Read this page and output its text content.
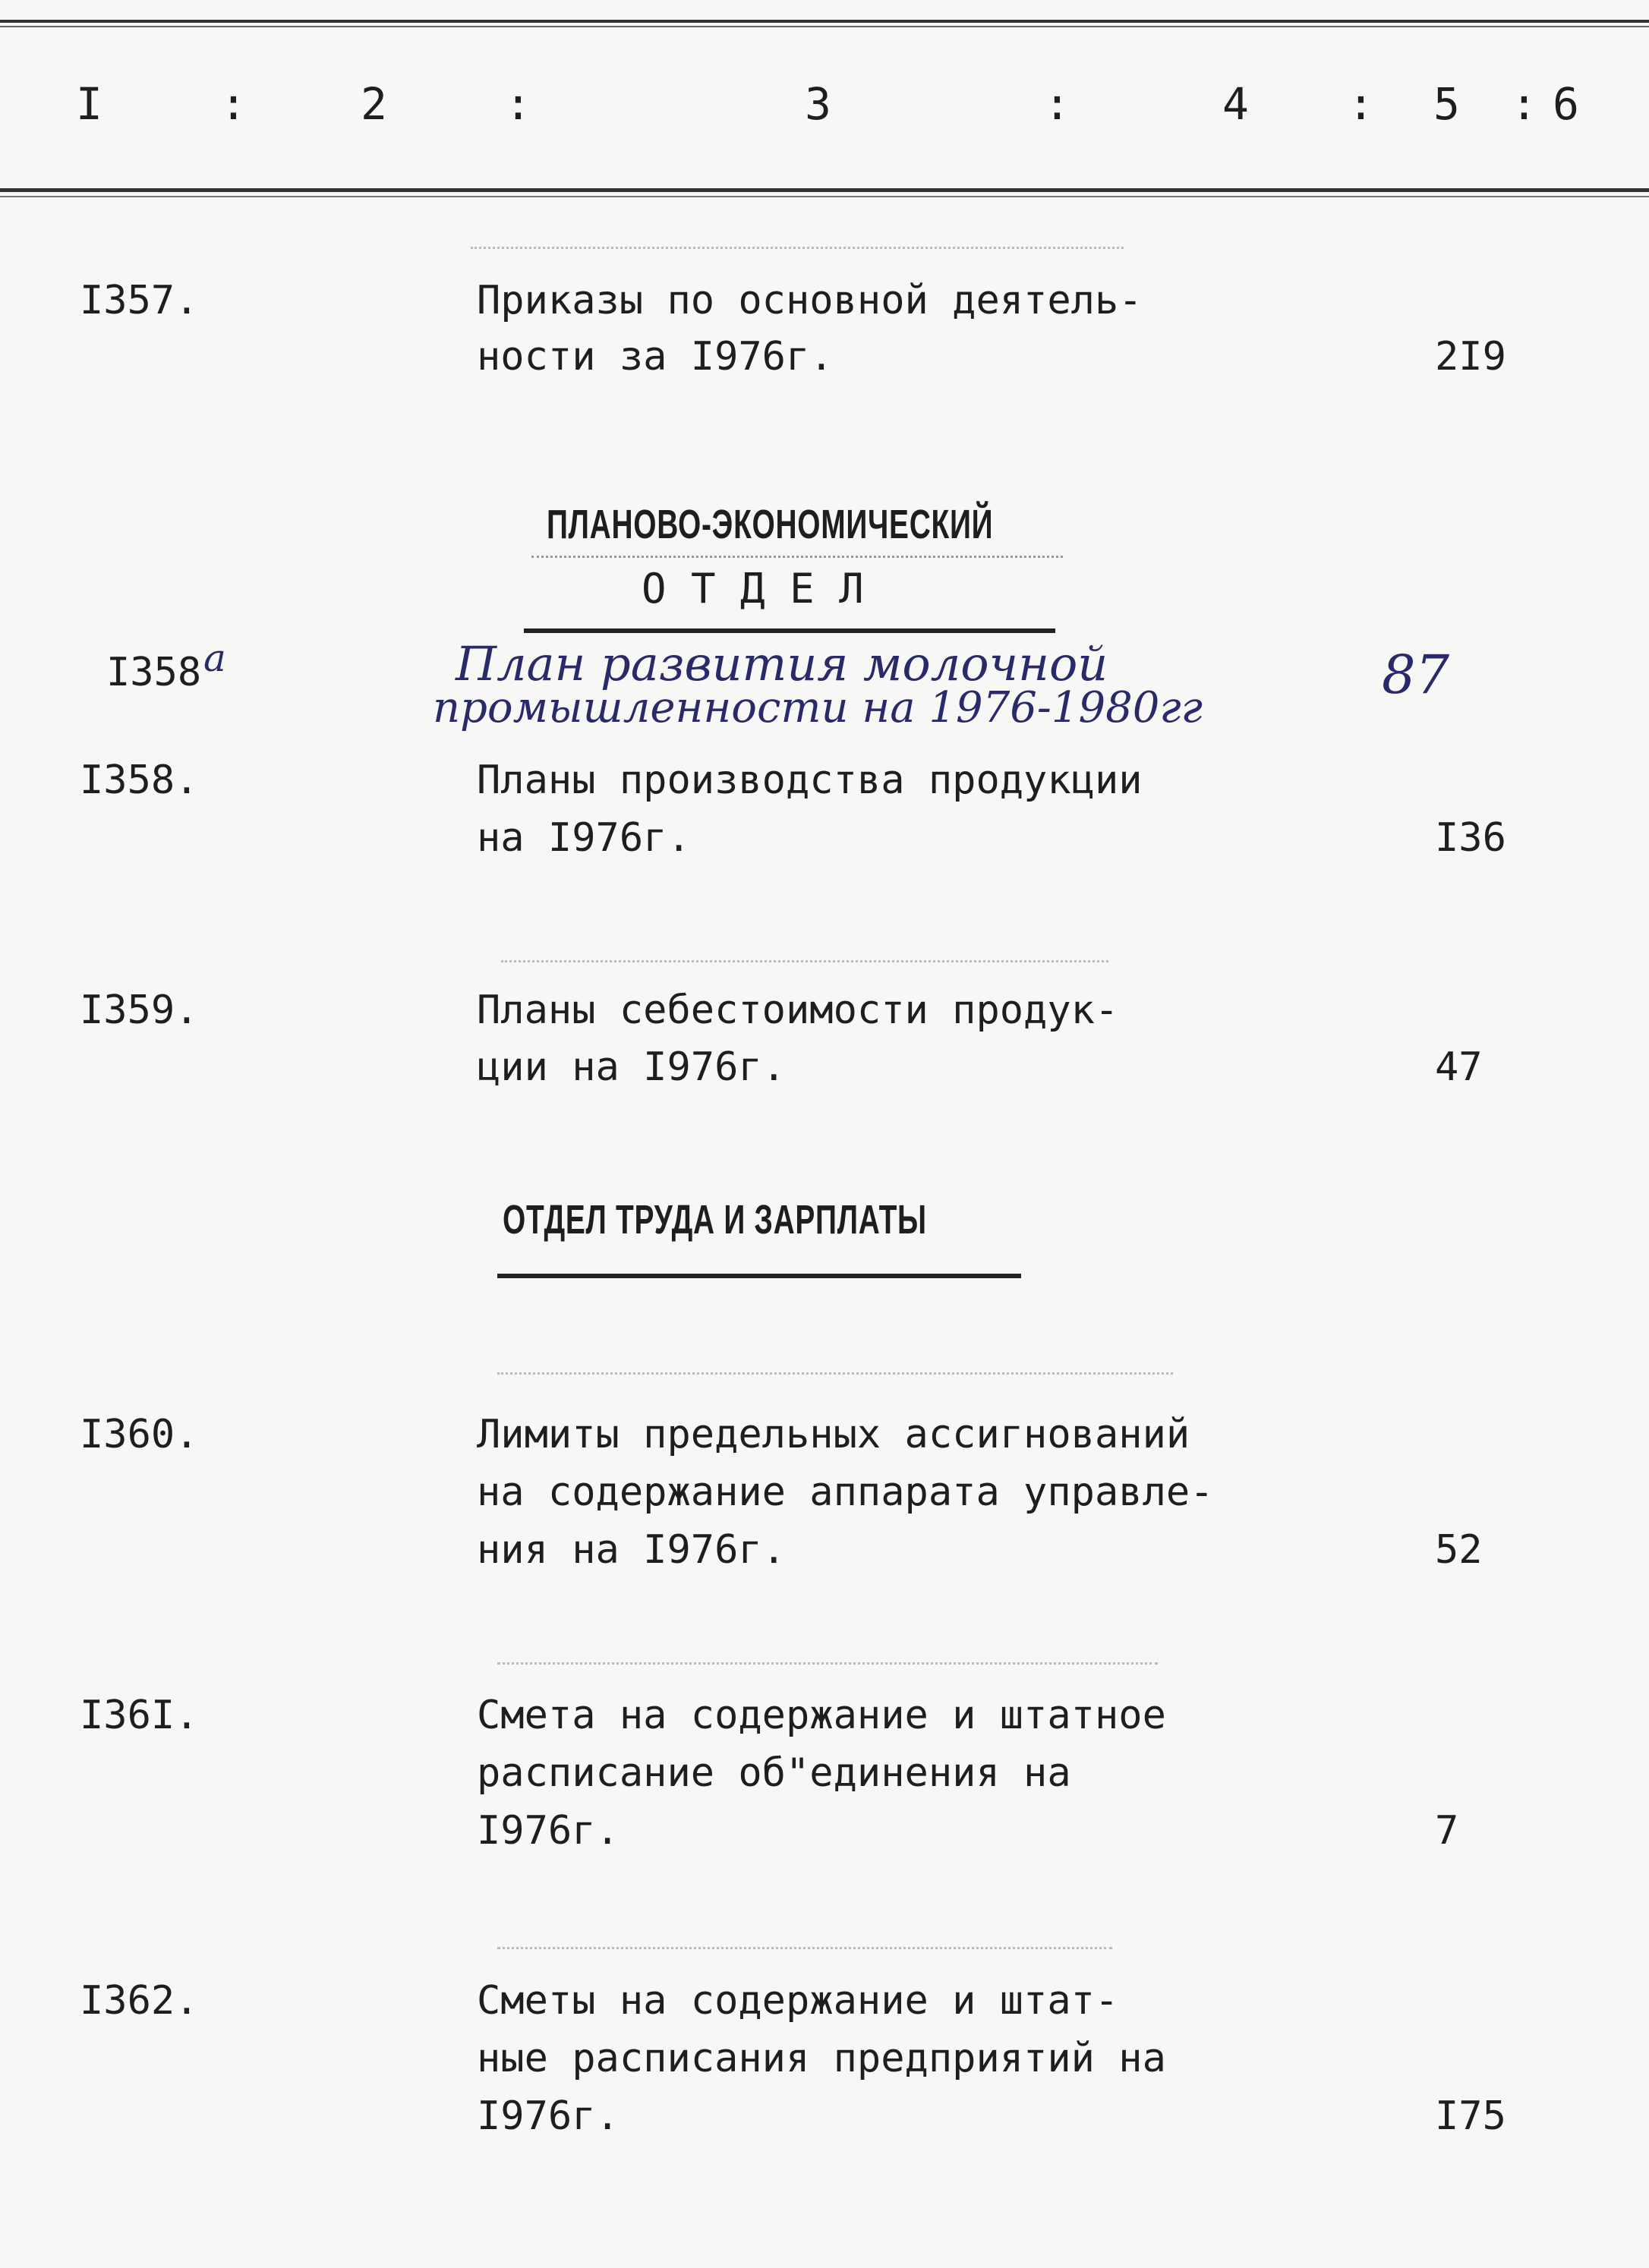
I	:	2	:	3	:	4 : 5 : 6
I357.	Приказы по основной деятель-
ности за I976г.	2I9
ПЛАНОВО-ЭКОНОМИЧЕСКИЙ
О Т Д Е Л
I358 а	План развития молочной
промышленности на 1976-1980гг
87
I358.	Планы производства продукции
на I976г.	I36
I359.	Планы себестоимости продук-
ции на I976г.	47
ОТДЕЛ ТРУДА И ЗАРПЛАТЫ
I360.	Лимиты предельных ассигнований
на содержание аппарата управле-
ния на I976г.	52
I36I.	Смета на содержание и штатное
расписание об"единения на
I976г.	7
I362.	Сметы на содержание и штат-
ные расписания предприятий на
I976г.	I75
